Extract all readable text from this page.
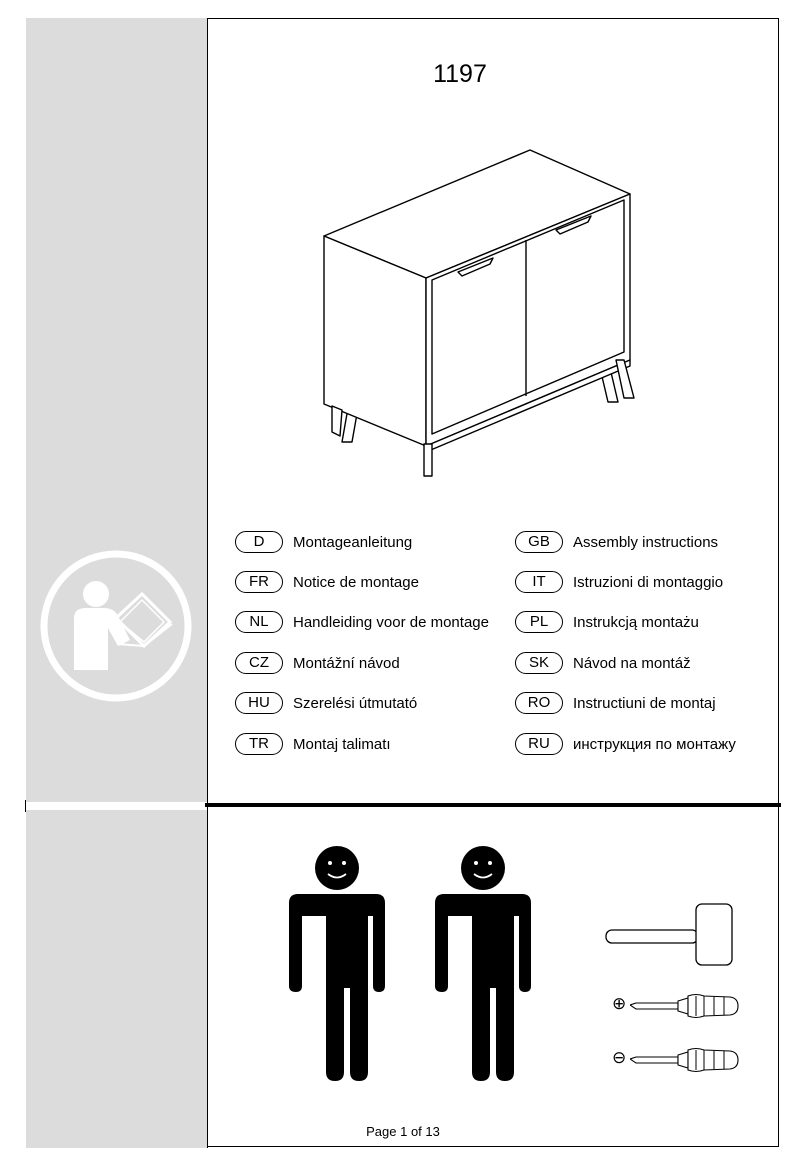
1197
D	Montageanleitung
FR	Notice de montage
NL	Handleiding voor de montage
CZ	Montážní návod
HU	Szerelési útmutató
TR	Montaj talimatı
GB	Assembly instructions
IT	Istruzioni di montaggio
PL	Instrukcją montażu
SK	Návod na montáž
RO	Instructiuni de montaj
RU	инструкция по монтажу
⊕
⊖
Page 1 of 13
